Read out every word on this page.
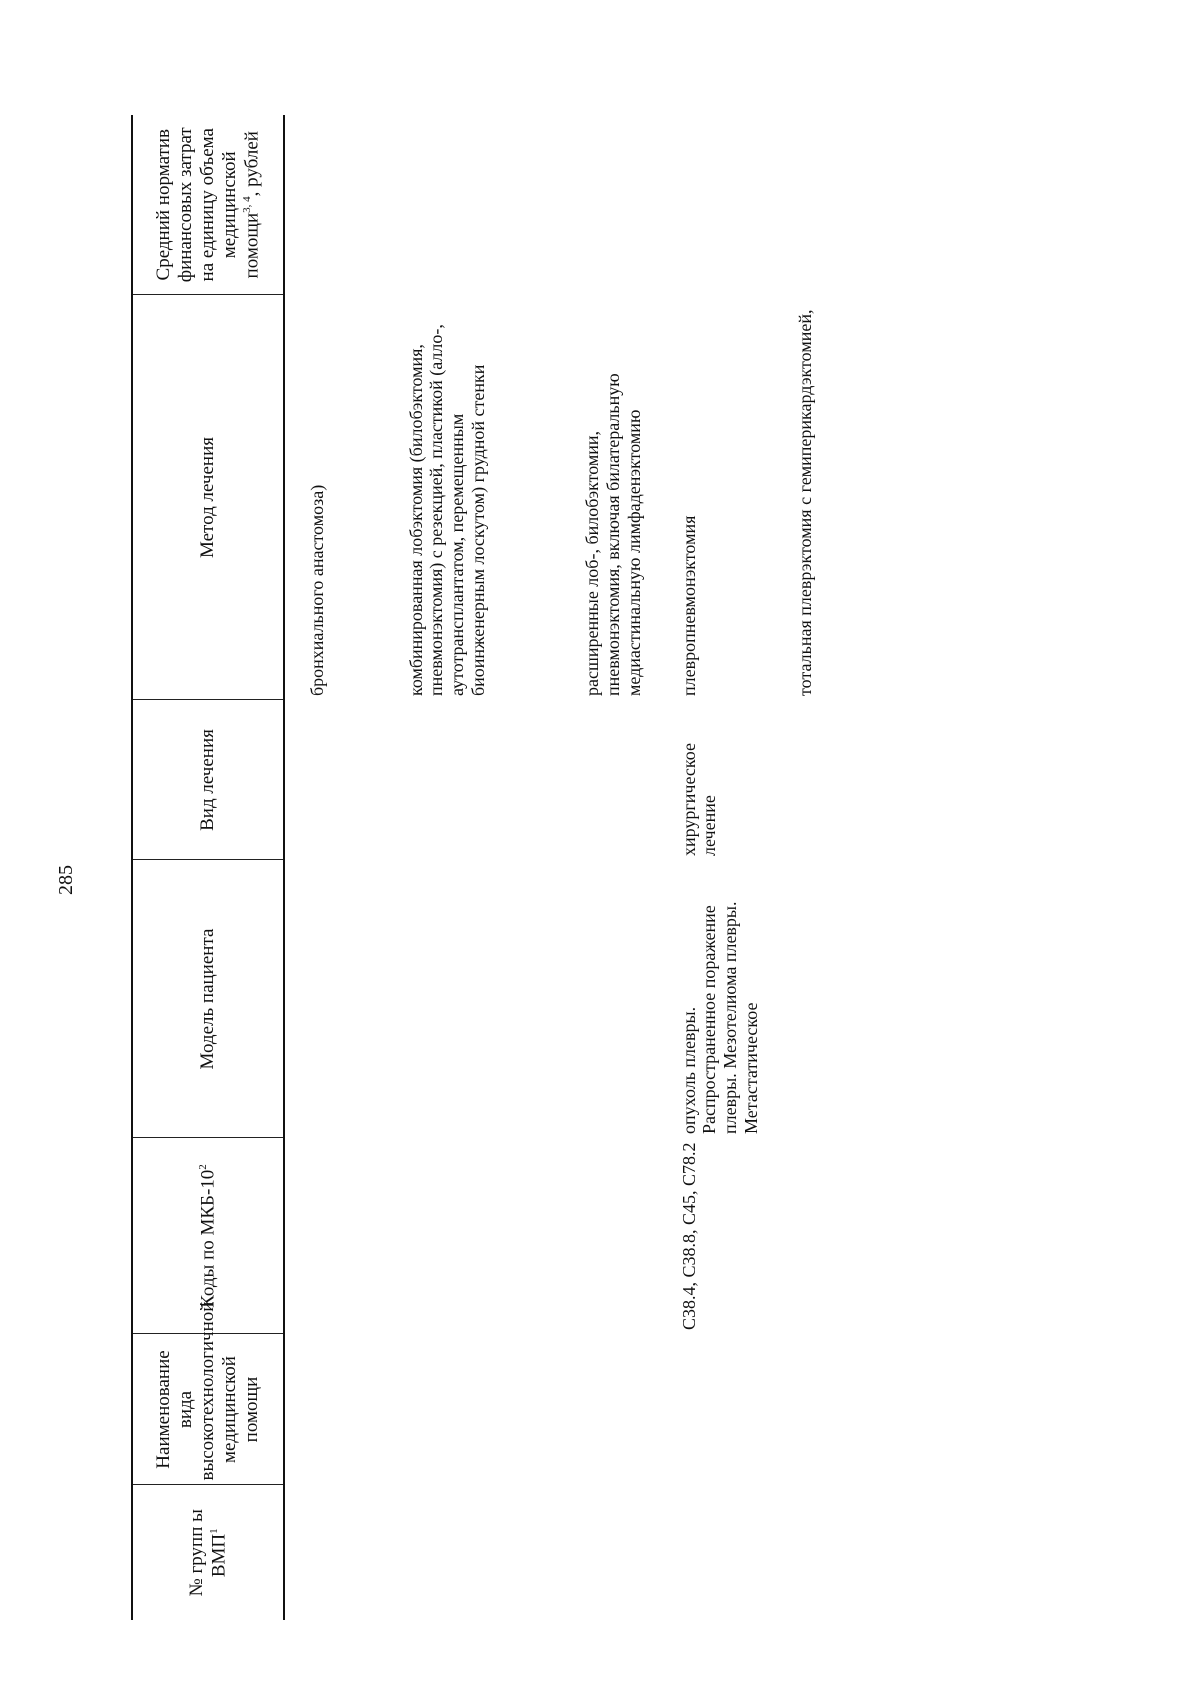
285
№ групп ы ВМП$^1$	Наименование вида высокотехнологичной медицинской помощи	Коды по МКБ-$10^2$	Модель пациента	Вид лечения	Метод лечения	Средний норматив финансовых затрат на единицу объема медицинской помощи$^{3, 4}$, рублей
					бронхиального анастомоза)	
					комбинированная лобэктомия (билобэктомия, пневмонэктомия) с резекцией, пластикой (алло-, аутотрансплантатом, перемещенным биоинженерным лоскутом) грудной стенки	
					расширенные лоб-, билобэктомии, пневмонэктомия, включая билатеральную медиастинальную лимфаденэктомию	
		C38.4, C38.8, C45, C78.2	опухоль плевры. Распространенное поражение плевры. Мезотелиома плевры. Метастатическое	хирургическое лечение	плевропневмонэктомия	
					тотальная плеврэктомия с гемиперикардэктомией,	
